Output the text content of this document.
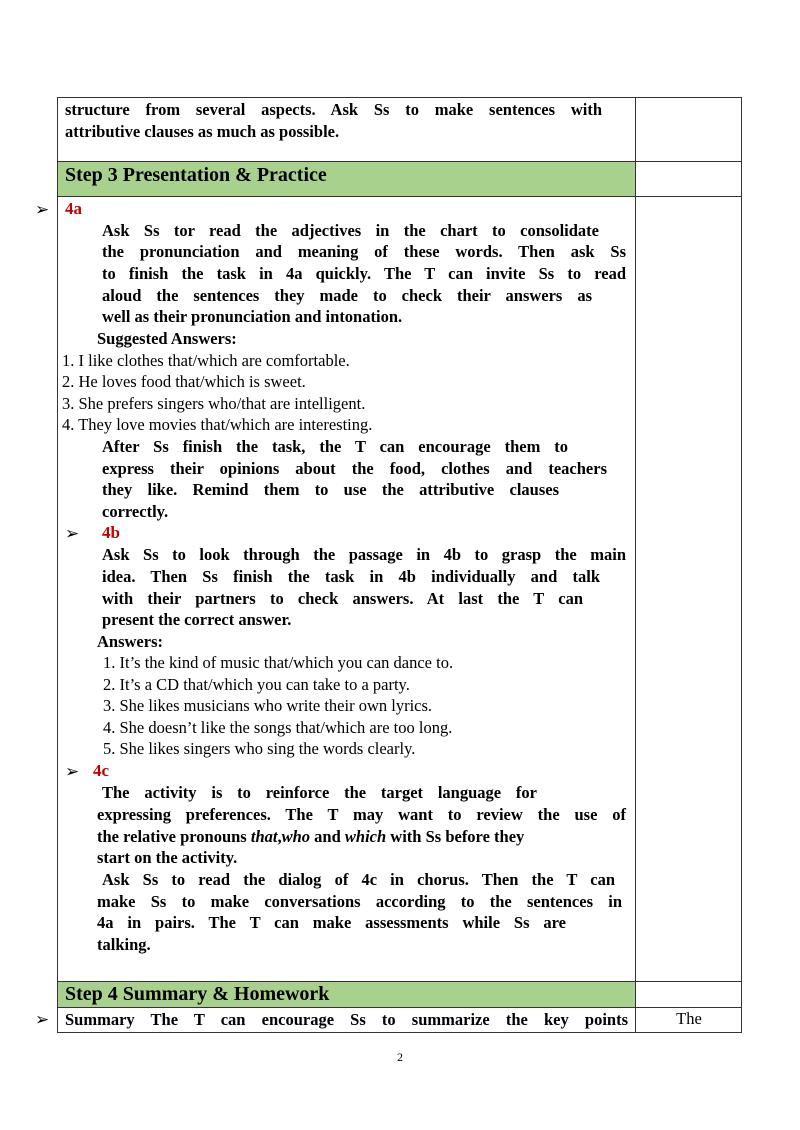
structure from several aspects. Ask Ss to make sentences with
attributive clauses as much as possible.
Step 3 Presentation & Practice
Step 4 Summary & Homework
Summary The T can encourage Ss to summarize the key points	The
➢ 4a
Ask Ss tor read the adjectives in the chart to consolidate
the pronunciation and meaning of these words. Then ask Ss
to finish the task in 4a quickly. The T can invite Ss to read
aloud the sentences they made to check their answers as
well as their pronunciation and intonation.
Suggested Answers:
1. I like clothes that/which are comfortable.
2. He loves food that/which is sweet.
3. She prefers singers who/that are intelligent.
4. They love movies that/which are interesting.
After Ss finish the task, the T can encourage them to
express their opinions about the food, clothes and teachers
they like. Remind them to use the attributive clauses
correctly.
➢ 4b
Ask Ss to look through the passage in 4b to grasp the main
idea. Then Ss finish the task in 4b individually and talk
with their partners to check answers. At last the T can
present the correct answer.
Answers:
1. It’s the kind of music that/which you can dance to.
2. It’s a CD that/which you can take to a party.
3. She likes musicians who write their own lyrics.
4. She doesn’t like the songs that/which are too long.
5. She likes singers who sing the words clearly.
➢ 4c
The activity is to reinforce the target language for
expressing preferences. The T may want to review the use of
the relative pronouns that,who and which with Ss before they
start on the activity.
Ask Ss to read the dialog of 4c in chorus. Then the T can
make Ss to make conversations according to the sentences in
4a in pairs. The T can make assessments while Ss are
talking.
➢
2
